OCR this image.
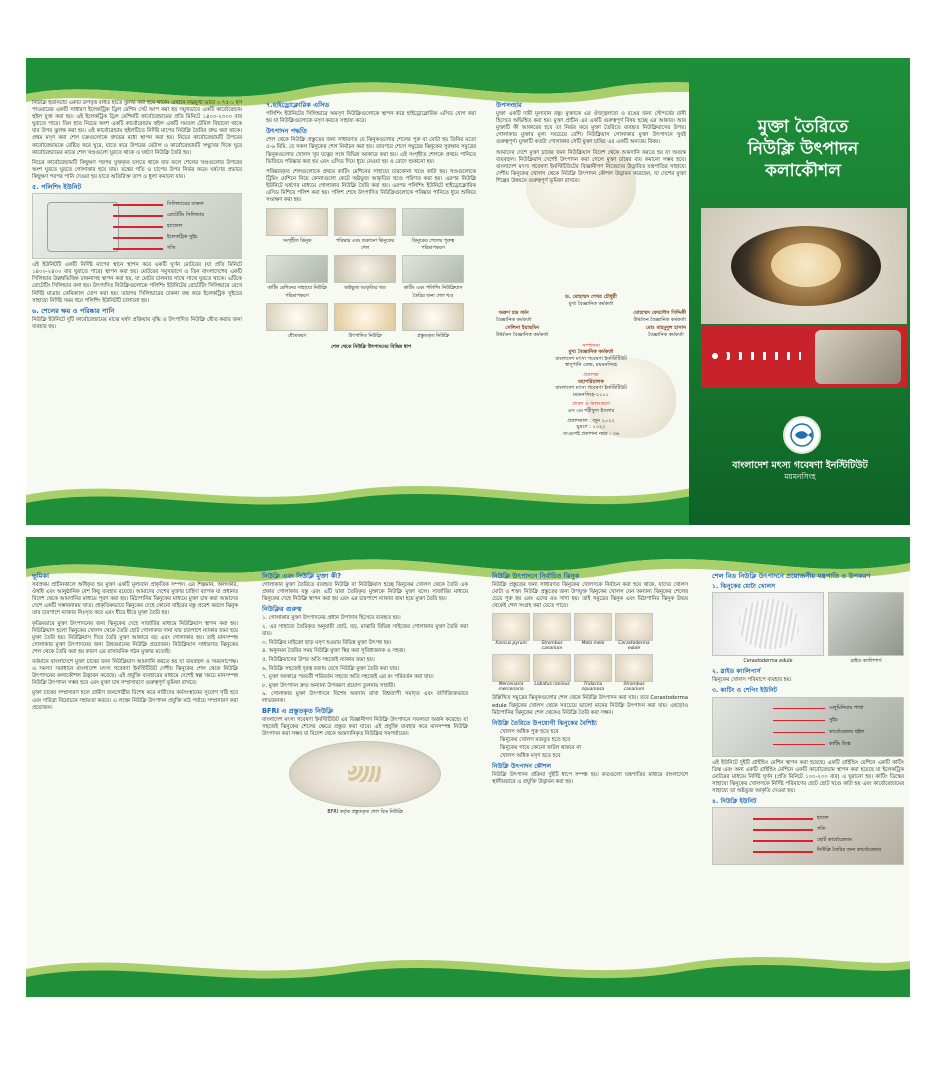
নিউক্লি ইউনিটটি একটি উপবৃত্ত বর্ধিত হাতে ঝুলন্ত করা হয়ে থাকে। এখানে নিম্নমুখী ভাবে ০.৭৫-১ হর্স পাওয়ারের একটি সাধারণ ইলেকট্রিক ড্রিল মেশিন সেট আপ করা হয় সমুখভাবে একটি কার্বোরেন্ডাম হুইল যুক্ত করা হয়। এই ইলেকট্রিক ড্রিল মেশিনটি কার্বোরেন্ডামের প্রতি মিনিটে ১৪০০-২৩০০ বার ঘুরাতে পারে। তিন হাত নিচের অংশ একটি কার্বোরেন্ডাম হুইল একটি সমতল টেবিল বিছানো থাকে যার উপর ঝুলন্ত করা হয়। এই কার্বোরেন্ডাম হুইলটিতে নির্দিষ্ট মাপের নিউক্লি তৈরির গ্রুভ করা থাকে। প্রথম মসৃণ করা শেল চক্রগুলোকে গ্রুভের মধ্যে স্থাপন করা হয়। নিচের কার্বোরেন্ডামটি উপরের কার্বোরেন্ডামকে বেষ্টিত করে ঘুরে, যাতে করে উপরের মেটাল ও কার্বোরেন্ডামটি সম্মুখের দিকে ঘুরে কার্বোরেন্ডামের মাঝে শেল খণ্ডগুলো ঘুরতে থাকে ও ঘর্ষণে নিউক্লি তৈরি হয়।

নিচের কার্বোরেন্ডামটি কিছুক্ষণ পরপর যুক্তকৃত চলতে থাকে যার ফলে শেলের খণ্ডগুলোর উপরের অংশ ঘুরতে ঘুরতে গোলাকার হয়ে যায়। যন্ত্রের গতি ও চাপের উপর নির্ভর করে। ঘর্ষণের প্রভাবে কিছুক্ষণ পরপর পানি দেওয়া হয় যাতে অতিরিক্ত তাপ ও ধুলা কমানো যায়।

৫. পলিশিং ইউনিট
সিলিন্ডারের ঢাকনা
রোটেটিং সিলিন্ডার
হ্যান্ডেল
ইলেকট্রিক সুইচ
গতি

এই ইউনিটটি একটি নির্দিষ্ট মাপের স্থানে স্থাপন করে একটি ঘূর্ণন মোটরের (যা প্রতি মিনিটে ১৪০০-২৪০০ বার ঘুরাতে পারে) স্থাপন করা হয়। মোটরের সমুখভাগে ও তিন বাংলাদেশের একটি সিলিন্ডার উল্লম্বভিত্তিক ঢাকনাসহ স্থাপন করা হয়, যা মোটর চালনার সাথে সাথে ঘুরতে থাকে। এটিকে রোটেটিং সিলিন্ডার বলা হয়। উৎপাদিত নিউক্লিগুলোকে পলিশিং ইউনিটের রোটেটিং সিলিন্ডারে রেখে নির্দিষ্ট মাত্রায় কেমিক্যাল যোগ করা হয়। তারপর সিলিন্ডারের ঢাকনা বন্ধ করে ইলেকট্রিক সুইচের সাহায্যে নির্দিষ্ট সময় ধরে পলিশিং ইউনিটটি চালানো হয়।

৬. শেলের ক্ষয় ও পরিষ্কার পানি

নিউক্লি ইউনিটে দুটি কার্বোরেন্ডামের মাঝে ঘর্ষণ প্রক্রিয়ায় বৃদ্ধি ও উৎপাদিত নিউক্লি ধৌত করার জন্য ব্যবহার হয়।

৭.হাইড্রোক্লোরিক এসিড

পলিশিং ইউনিটের সিলিন্ডারে অমসৃণ নিউক্লিগুলোকে স্থাপন করে হাইড্রোক্লোরিক এসিড যোগ করা হয় যা নিউক্লিগুলোকে মসৃণ করতে সাহায্য করে।

উৎপাদন পদ্ধতি

শেল থেকে নিউক্লি প্রস্তুতের জন্য সাধারণত যে ঝিনুকগুলোর শেলের পুরু বা মোটা হয় তিনির মতো ৫-৬ মিমি. যে সকল ঝিনুকের শেল নির্বাচন করা হয়। তারপরে শেলে সমুদ্রের ঝিনুকের সুরক্ষায় সমুদ্রের ঝিনুকগুলোর খোলস খুব যত্নের সঙ্গে বিভিন্ন আকারে করা হয়। এই সংগৃহীত শেলকে প্রথমে পানিতে ভিজিয়ে পরিষ্কার করা হয় এবং এসিড দিয়ে ধুয়ে নেওয়া হয় ও রোদে শুকানো হয়।

পরিষ্কারকৃত শেলগুলোকে প্রথমে কাটিং মেশিনের সাহায্যে চারকোনা খণ্ডে কাটা হয়। খণ্ডগুলোকে ট্রিমিং মেশিনে নিয়ে কোনাগুলো কেটে অষ্টভুজ আকৃতির খণ্ডে পরিণত করা হয়। এরপর নিউক্লি ইউনিটে ঘর্ষণের মাধ্যমে গোলাকার নিউক্লি তৈরি করা হয়। এরপর পলিশিং ইউনিটে হাইড্রোক্লোরিক এসিড মিশিয়ে পলিশ করা হয়। পলিশ শেষে উৎপাদিত নিউক্লিগুলোকে পরিষ্কার পানিতে ধুয়ে শুকিয়ে সংরক্ষণ করা হয়।

সংগৃহীত ঝিনুক	পরিষ্কার এবং শুকানো ঝিনুকের শেল
ঝিনুকের শেলের পুরুত্ব পরিমাপকরণ
কাটিং মেশিনের সাহায্যে নিউক্লি পরিমাপকরণ
অষ্টভুজ আকৃতির খণ্ড	কাটিং এবং পলিশিং নিউক্লিয়াস তৈরির জন্য শেল খণ্ড
ধৌতকরণ	উৎপাদিত নিউক্লি	প্রস্তুতকৃত নিউক্লি
শেল থেকে নিউক্লি উৎপাদনের বিভিন্ন ধাপ
উপসংহার

মুক্তা একটি দামী মূল্যবান রত্ন। মুক্তাকে এর ঔজ্জ্বল্যতা ও রঙের জন্য সৌন্দর্যের রানী হিসেবে অভিহিত করা হয়। মুক্তা প্রাচীন এর একটি গুরুত্বপূর্ণ বিষয় হচ্ছে এর আকার। আর মুক্তাটি কী আকারের হবে তা নির্ভর করে মুক্তা তৈরিতে ব্যবহৃত নিউক্লিয়াসের উপর। গোলাকার মুক্তার মূল্য সবচেয়ে বেশি। নিউক্লিয়াস গোলাকার মুক্তা উৎপাদনে খুবই গুরুত্বপূর্ণ। মুক্তাটি কতটা গোলাকার সেটি মুক্তা চাষির এর একটি অন্যতম বিষয়।

আমাদের দেশে মুক্তা চাষের জন্য নিউক্লিয়াস বিদেশ থেকে আমদানি করতে হয় যা অত্যন্ত ব্যয়বহুল। নিউক্লিয়াস দেশেই উৎপাদন করা গেলে মুক্তা চাষের ব্যয় কমানো সম্ভব হবে। বাংলাদেশ মৎস্য গবেষণা ইনস্টিটিউটের বিজ্ঞানীগণ নিজেদের উদ্ভাবিত যন্ত্রপাতির সাহায্যে দেশীয় ঝিনুকের খোলস থেকে নিউক্লি উৎপাদন কৌশল উদ্ভাবন করেছেন, যা দেশের মুক্তা শিল্পের উন্নয়নে গুরুত্বপূর্ণ ভূমিকা রাখবে।

ড. মোহাম্মদ শেখর চৌধুরী
মুখ্য বৈজ্ঞানিক কর্মকর্তা
অরুণ চন্দ্র বর্মন
বৈজ্ঞানিক কর্মকর্তা
মোহাম্মদ ফেরদৌস সিদ্দিকী
উর্ধ্বতন বৈজ্ঞানিক কর্মকর্তা
সেলিনা ইয়াছমিন
উর্ধ্বতন বৈজ্ঞানিক কর্মকর্তা
মোঃ মাহমুদুল হাসান
বৈজ্ঞানিক কর্মকর্তা
সম্পাদনা
মুখ্য বৈজ্ঞানিক কর্মকর্তা
বাংলাদেশ মৎস্য গবেষণা ইনস্টিটিউট
স্বাদুপানি কেন্দ্র, ময়মনসিংহ
প্রকাশক
মহাপরিচালক
বাংলাদেশ মৎস্য গবেষণা ইনস্টিটিউট
ময়মনসিংহ-২২০১
প্রচ্ছদ ও অলংকরণ
এস এম শরীফুল ইসলাম
প্রকাশকাল : জুন ২০২২
মুদ্রণে : ২০২২
বাএমগই প্রকাশনা নম্বর : ৩৬
মুক্তা তৈরিতে
নিউক্লি উৎপাদন
কলাকৌশল
বাংলাদেশ মৎস্য গবেষণা ইনস্টিটিউট
ময়মনসিংহ
ভূমিকা

সর্বপ্রথম প্রাচীনকালে অধিকৃত হয় মুক্তা একটি মূল্যবান প্রাকৃতিক সম্পদ। এর শিল্পমান, অলংকার, ঔষধি এবং আনুষ্ঠানিক বেশ কিছু ব্যবহার রয়েছে। আমাদের দেশের মুক্তার চাহিদা ব্যাপক যা প্রধানত বিদেশ থেকে আমদানির মাধ্যমে পূরণ করা হয়। মিঠাপানির ঝিনুকের মাধ্যমে মুক্তা চাষ করা আমাদের দেশে একটি সম্ভাবনাময় খাত। প্রাকৃতিকভাবে ঝিনুকের দেহে কোনো বাইরের বস্তু প্রবেশ করলে ঝিনুক তার চারপাশে ন্যাকার নিঃসৃত করে এবং ধীরে ধীরে মুক্তা তৈরি হয়।

কৃত্রিমভাবে মুক্তা উৎপাদনের জন্য ঝিনুকের দেহে সার্জারির মাধ্যমে নিউক্লিয়াস স্থাপন করা হয়। নিউক্লিয়াস হলো ঝিনুকের খোলস থেকে তৈরি ছোট গোলাকার দানা যার চারপাশে ন্যাকার জমা হয়ে মুক্তা তৈরি হয়। নিউক্লিয়াস দিয়ে তৈরি মুক্তা আকারে বড় এবং গোলাকার হয়। তাই মানসম্পন্ন গোলাকার মুক্তা উৎপাদনের জন্য উন্নতমানের নিউক্লি প্রয়োজন। নিউক্লিয়াস সাধারণত ঝিনুকের শেল থেকে তৈরি করা হয় কারণ এর রাসায়নিক গঠন মুক্তার মতোই।

বর্তমানে বাংলাদেশে মুক্তা চাষের জন্য নিউক্লিয়াস আমদানি করতে হয় যা ব্যয়বহুল ও সময়সাপেক্ষ। এ সমস্যা সমাধানে বাংলাদেশ মৎস্য গবেষণা ইনস্টিটিউট দেশীয় ঝিনুকের শেল থেকে নিউক্লি উৎপাদনের কলাকৌশল উদ্ভাবন করেছে। এই প্রযুক্তি ব্যবহারের মাধ্যমে দেশেই স্বল্প খরচে মানসম্পন্ন নিউক্লি উৎপাদন সম্ভব হবে এবং মুক্তা চাষ সম্প্রসারণে গুরুত্বপূর্ণ ভূমিকা রাখবে।

মুক্তা চাষের সম্প্রসারণ হলে গ্রামীণ জনগোষ্ঠীর বিশেষ করে নারীদের কর্মসংস্থানের সুযোগ সৃষ্টি হবে এবং দারিদ্র্য বিমোচনে সহায়তা করবে। এ লক্ষ্যে নিউক্লি উৎপাদন প্রযুক্তি মাঠ পর্যায়ে সম্প্রসারণ করা প্রয়োজন।

নিউক্লি এবং নিউক্লি মুক্তা কী?

গোলাকার মুক্তা তৈরিতে ব্যবহৃত নিউক্লি বা নিউক্লিয়াস হচ্ছে ঝিনুকের খোলস থেকে তৈরি এক প্রকার গোলাকার বস্তু এবং এটি দ্বারা তৈরিকৃত মুক্তাকে নিউক্লি মুক্তা বলে। সার্জারির মাধ্যমে ঝিনুকের দেহে নিউক্লি স্থাপন করা হয় এবং এর চারপাশে ন্যাকার জমা হয়ে মুক্তা তৈরি হয়।

নিউক্লির গুরুত্ব

১. গোলাকার মুক্তা উৎপাদনের প্রধান উপাদান হিসেবে ব্যবহৃত হয়।

২. এর সাহায্যে তৈরিকৃত অনুযায়ী ছোট, বড়, মাঝারি বিভিন্ন সাইজের গোলাকার মুক্তা তৈরি করা যায়।

৩. নিউক্লির মাইক্রো ছাড় মসৃণ হওয়ায় বিভিন্ন মুক্তা উৎপন্ন হয়।

৪. অনুনয়ন তৈরির সময় নিউক্লি মুক্তা স্থির করা সুবিধাজনক ও সহজ।

৫. নিউক্লিয়াসের উপর অতি সহজেই ন্যাকার জমা হয়।

৬. নিউক্লি সহজেই দূরত্ব বজায় রেখে নিউক্লি মুক্তা তৈরি করা যায়।

৭. মুক্তা আকারে পরবর্তী পরিবর্তন সহজে অতি সহজেই এর রং পরিবর্তন করা যায়।

৮. মুক্তা উৎপাদন দ্রুত অন্যান্য উপকরণ প্রয়োগ তুলনায় সাশ্রয়ী।

৯. গোলাকার মুক্তা উৎপাদনে বিশেষ অবদান রাখা বিশ্বব্যাপী সমাদৃত এবং বাণিজ্যিকভাবে লাভজনক।

BFRI এ প্রস্তুতকৃত নিউক্লি

বাংলাদেশ মৎস্য গবেষণা ইনস্টিটিউট এর বিজ্ঞানীগণ নিউক্লি উৎপাদনে সফলতা অর্জন করেছে। যা সহজেই ঝিনুকের শেলের ক্ষেত্রে প্রস্তুত করা যাবে। এই প্রযুক্তি ব্যবহার করে মানসম্পন্ন নিউক্লি উৎপাদন করা সম্ভব যা বিদেশ থেকে আমদানিকৃত নিউক্লির সমপর্যায়ের।

BFRI কর্তৃক প্রস্তুতকৃত শেল বিড নিউক্লি
নিউক্লি উৎপাদনে নির্বাচিত ঝিনুক

নিউক্লি প্রস্তুতের জন্য সাধারণত ঝিনুকের খোলসকে নির্বাচন করা হয়ে থাকে, যাদের খোলস মোটা ও শক্ত। নিউক্লি প্রস্তুতের জন্য উপযুক্ত ঝিনুকের খোলস যেন অন্যান্য ঝিনুকের শেলের চেয়ে পুরু হয় এবং এদের রঙ সাদা হয়। তাই সমুদ্রের ঝিনুক এবং মিঠাপানির ঝিনুক উভয় থেকেই শেল সংগ্রহ করা যেতে পারে।

Xancus pyrum	Strombus canarium
Melo melo	Cerastoderma edule
Mercenaria mercenaria
Lobatus raninus	Tridacna squamosa
Strombus canarium

উল্লিখিত সমুদ্রের ঝিনুকগুলোর শেল থেকে নিউক্লি উৎপাদন করা যায়। তবে Cerastoderma edule ঝিনুকের খোলস থেকে সবচেয়ে ভালো মানের নিউক্লি উৎপাদন করা যায়। এছাড়াও মিঠাপানির ঝিনুকের শেল থেকেও নিউক্লি তৈরি করা সম্ভব।

নিউক্লি তৈরিতে উপযোগী ঝিনুকের বৈশিষ্ট্য
• খোলস অধিক পুরু হতে হবে
• ঝিনুকের খোলস মজবুত হতে হবে
• ঝিনুকের গায়ে কোনো ফাটল থাকবে না
• খোলস অধিক মসৃণ হতে হবে
নিউক্লি উৎপাদন কৌশল

নিউক্লি উৎপাদন প্রক্রিয়া দুইটি ধাপে সম্পন্ন হয়। কতগুলো যন্ত্রপাতির মাধ্যমে বাংলাদেশে স্থানীয়ভাবে এ প্রযুক্তি উদ্ভাবন করা হয়।

শেল বিড নিউক্লি উৎপাদনে প্রয়োজনীয় যন্ত্রপাতি ও উপকরণ
১. ঝিনুকের মোটা খোলস
Cerastoderma edule	স্লাইড ক্যালিপার্স
২. স্লাইড ক্যালিপার্স

ঝিনুকের খোলস পরিমাপে ব্যবহার হয়।

৩. কাটিং ও শেপিং ইউনিট
এলুমিনিয়াম পাখা
সুইচ
কার্বোরেন্ডাম হুইল
কাটিং ডিস্ক

এই ইউনিটে দুইটি গ্রাইন্ডিং মেশিন স্থাপন করা হয়েছে। একটি গ্রাইন্ডিং মেশিনে একটি কাটিং ডিস্ক এবং অন্য একটি গ্রাইন্ডিং মেশিনে একটি কার্বোরেন্ডাম স্থাপন করা হয়েছে যা ইলেকট্রিক মোটরের মাধ্যমে নির্দিষ্ট ঘূর্ণন (প্রতি মিনিটে ১০০-২০০ বার) এ ঘুরানো হয়। কাটিং ডিস্কের সাহায্যে ঝিনুকের খোলসকে নির্দিষ্ট পরিমাণের ছোট ছোট খণ্ডে কাটা হয় এবং কার্বোরেন্ডামের সাহায্যে তা অষ্টভুজ আকৃতি দেওয়া হয়।

৪. নিউক্লি ইউনিট
হাতল
গতি
ছোট কার্বোরেন্ডাম
নিউক্লি তৈরির জন্য কার্বোরেন্ডাম
